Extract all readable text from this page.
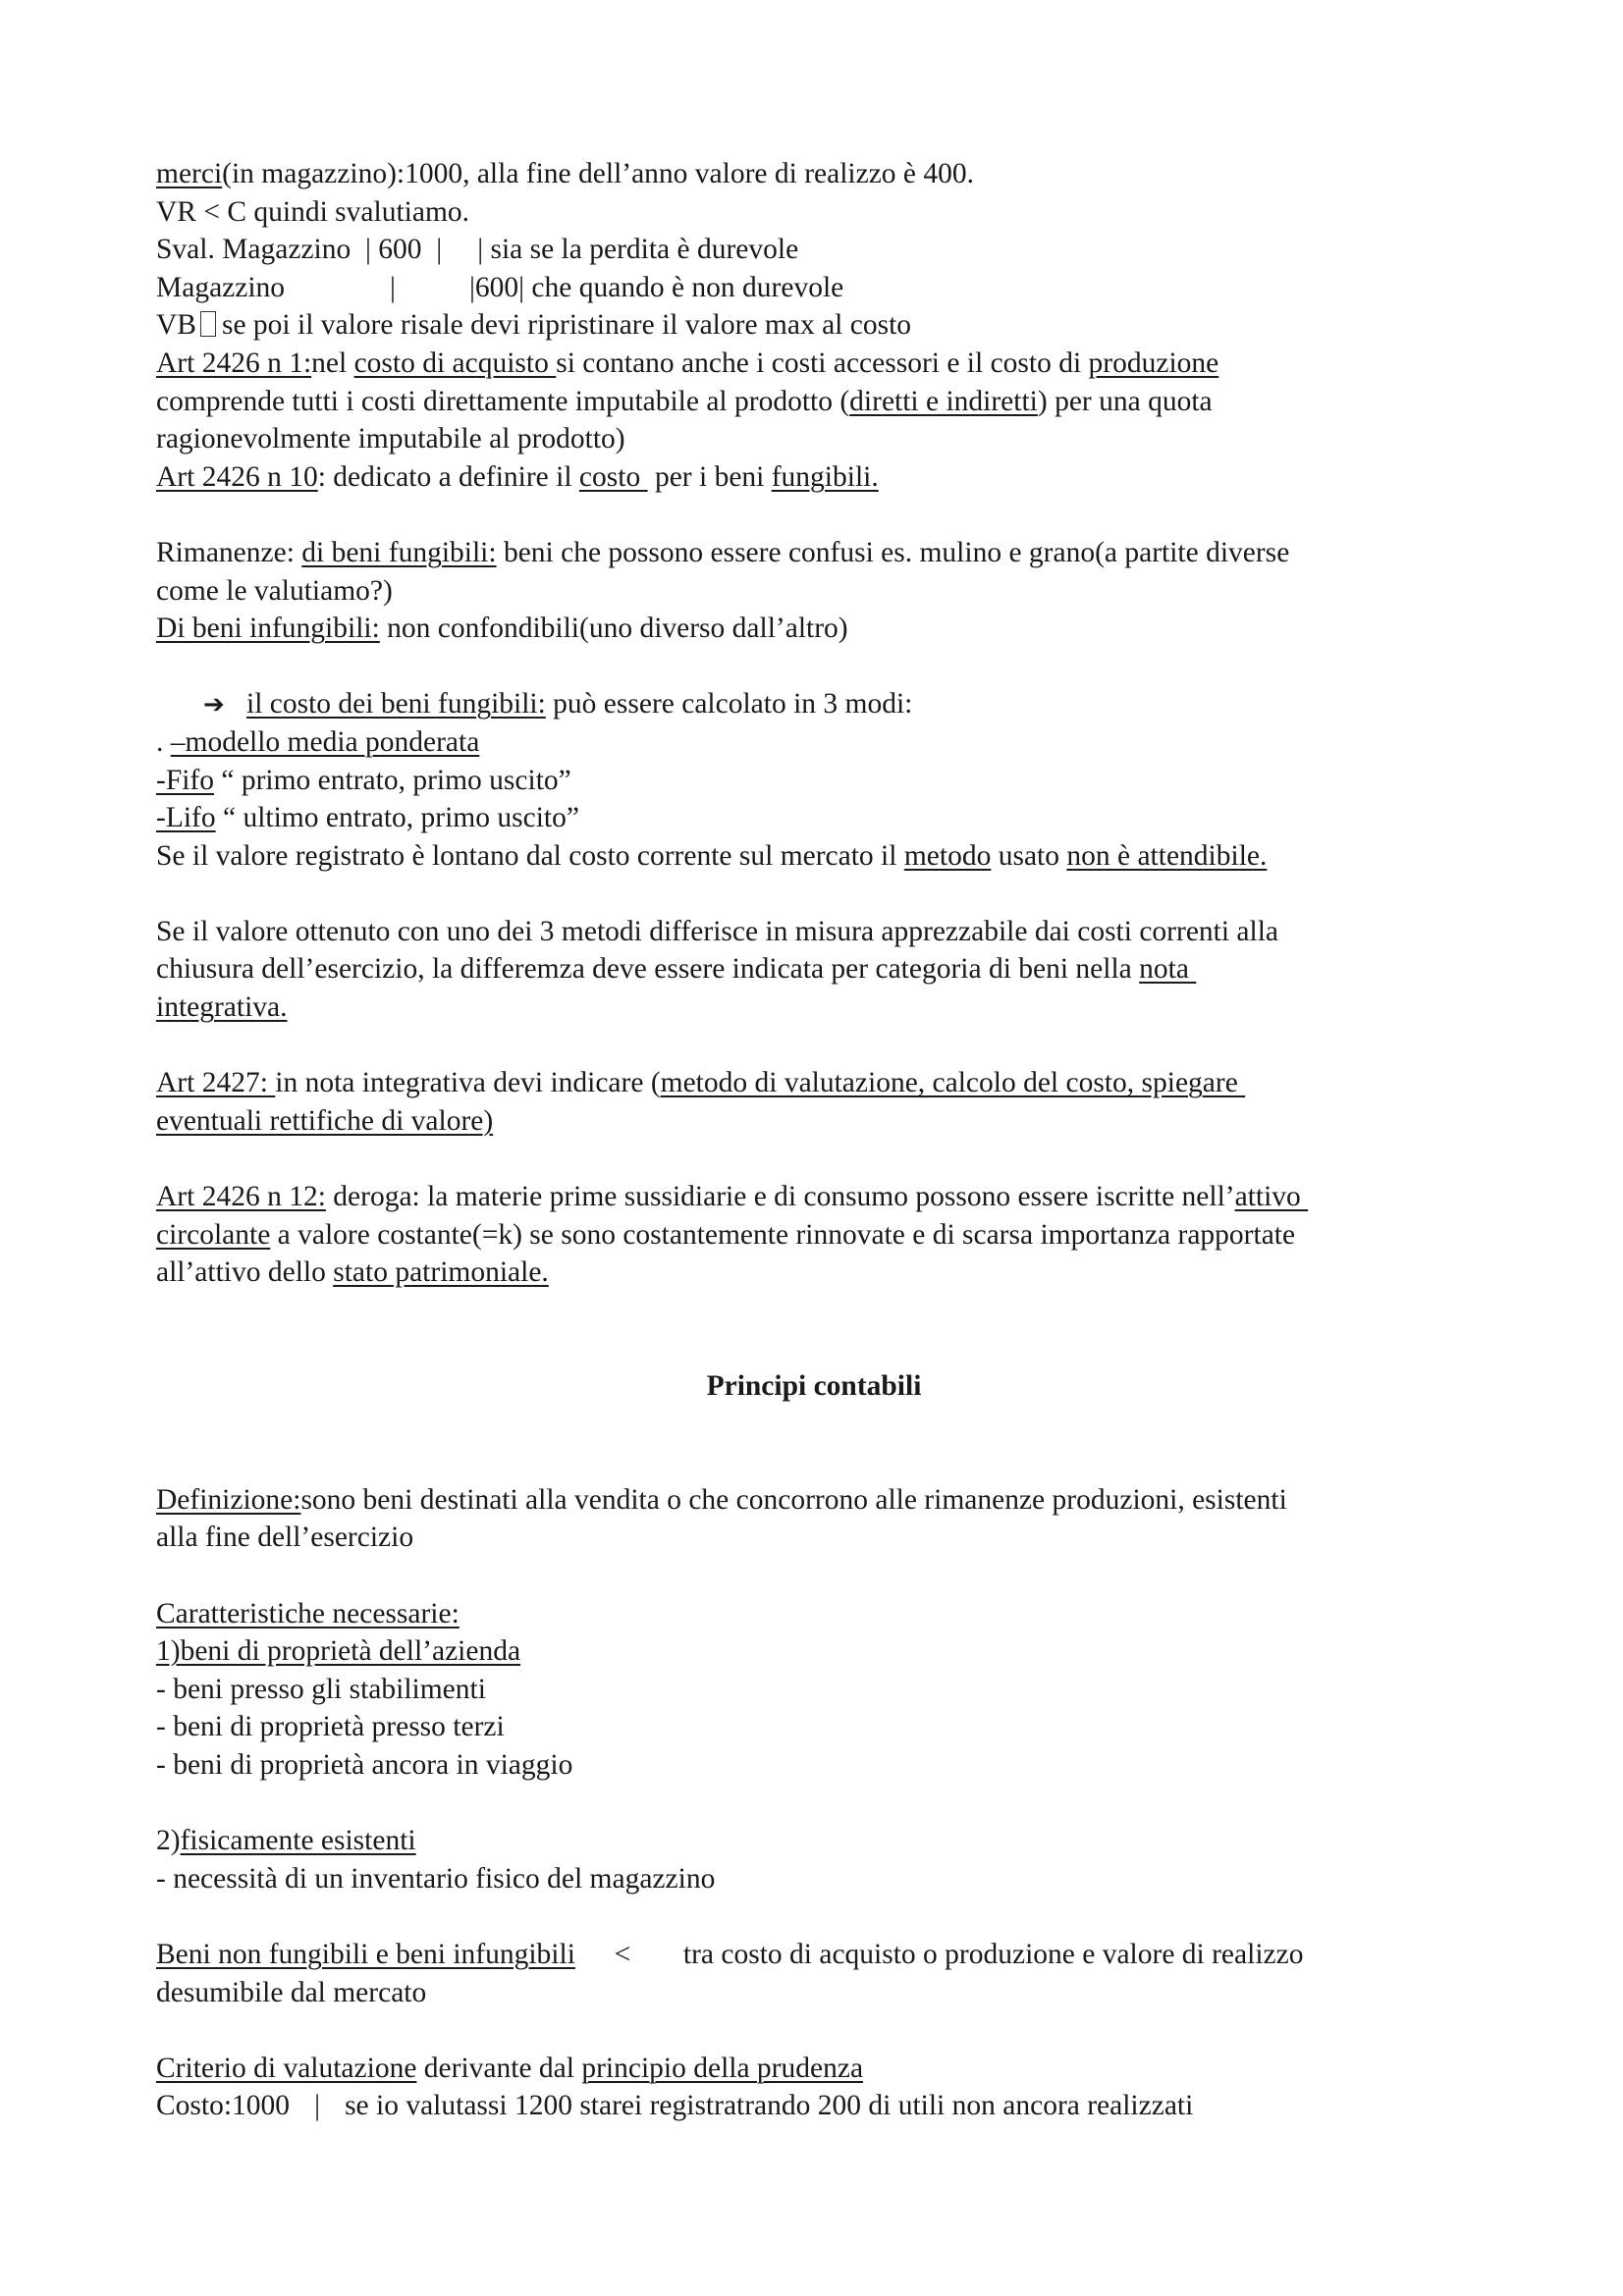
merci(in magazzino):1000, alla fine dell’anno valore di realizzo è 400.
VR < C quindi svalutiamo.
Sval. Magazzino  | 600  | | sia se la perdita è durevole
Magazzino	|	|600| che quando è non durevole
VB se poi il valore risale devi ripristinare il valore max al costo
Art 2426 n 1:nel costo di acquisto si contano anche i costi accessori e il costo di produzione
comprende tutti i costi direttamente imputabile al prodotto (diretti e indiretti) per una quota
ragionevolmente imputabile al prodotto)
Art 2426 n 10: dedicato a definire il costo  per i beni fungibili.
Rimanenze: di beni fungibili: beni che possono essere confusi es. mulino e grano(a partite diverse
come le valutiamo?)
Di beni infungibili: non confondibili(uno diverso dall’altro)
➔ il costo dei beni fungibili: può essere calcolato in 3 modi:
. –modello media ponderata
-Fifo “ primo entrato, primo uscito”
-Lifo “ ultimo entrato, primo uscito”
Se il valore registrato è lontano dal costo corrente sul mercato il metodo usato non è attendibile.
Se il valore ottenuto con uno dei 3 metodi differisce in misura apprezzabile dai costi correnti alla
chiusura dell’esercizio, la differemza deve essere indicata per categoria di beni nella nota
integrativa.
Art 2427: in nota integrativa devi indicare (metodo di valutazione, calcolo del costo, spiegare
eventuali rettifiche di valore)
Art 2426 n 12: deroga: la materie prime sussidiarie e di consumo possono essere iscritte nell’attivo
circolante a valore costante(=k) se sono costantemente rinnovate e di scarsa importanza rapportate
all’attivo dello stato patrimoniale.
Principi contabili
Definizione:sono beni destinati alla vendita o che concorrono alle rimanenze produzioni, esistenti
alla fine dell’esercizio
Caratteristiche necessarie:
1)beni di proprietà dell’azienda
- beni presso gli stabilimenti
- beni di proprietà presso terzi
- beni di proprietà ancora in viaggio
2)fisicamente esistenti
- necessità di un inventario fisico del magazzino
Beni non fungibili e beni infungibili < tra costo di acquisto o produzione e valore di realizzo
desumibile dal mercato
Criterio di valutazione derivante dal principio della prudenza
Costo:1000 | se io valutassi 1200 starei registratrando 200 di utili non ancora realizzati
